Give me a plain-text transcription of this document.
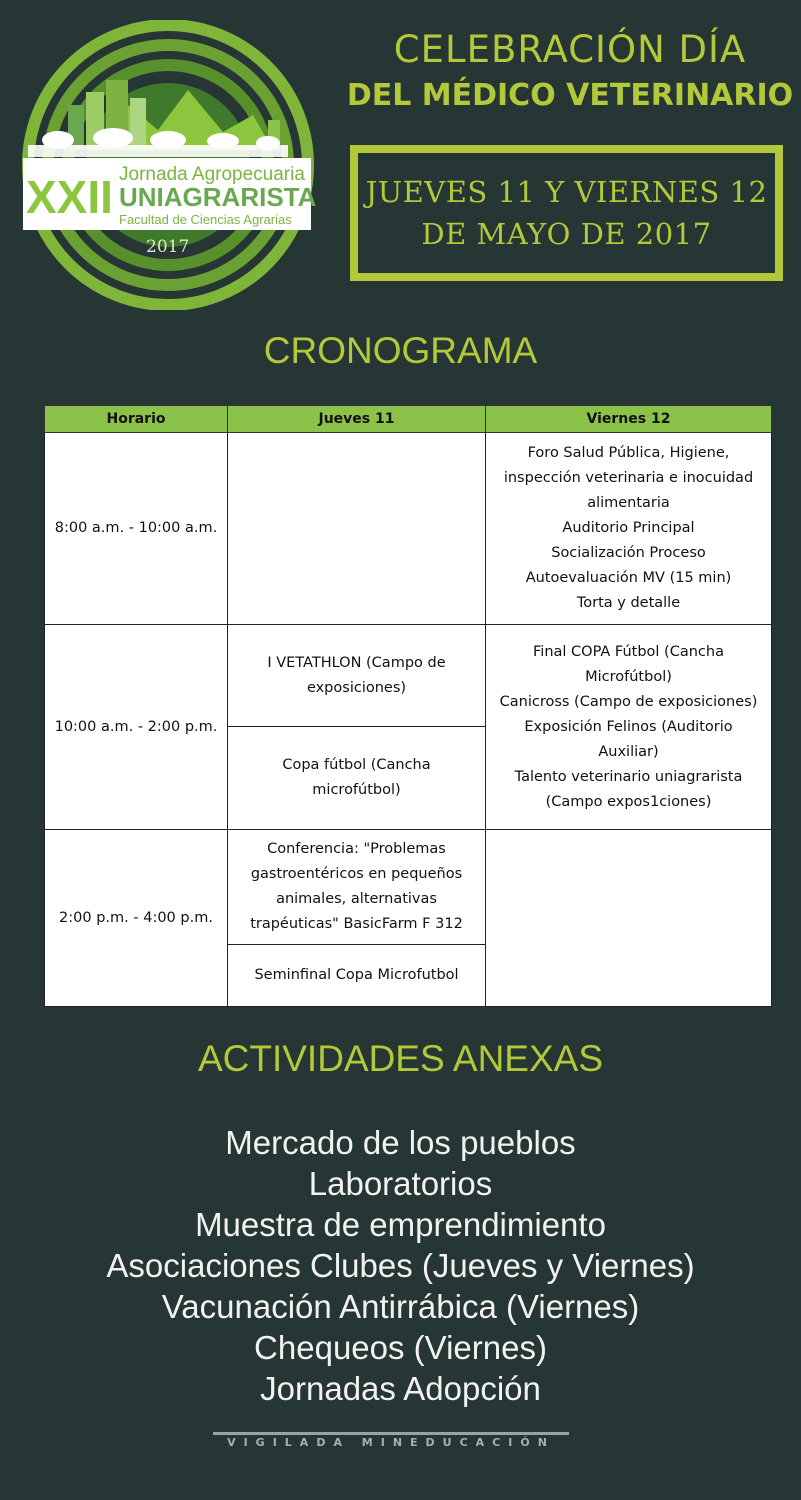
XXII Jornada Agropecuaria
UNIAGRARISTA
Facultad de Ciencias Agrarias
2017
CELEBRACIÓN DÍA
DEL MÉDICO VETERINARIO
JUEVES 11 Y VIERNES 12
DE MAYO DE 2017
CRONOGRAMA
Horario	Jueves 11	Viernes 12
8:00 a.m. - 10:00 a.m.		Foro Salud Pública, Higiene, inspección veterinaria e inocuidad alimentaria
Auditorio Principal
Socialización Proceso Autoevaluación MV (15 min)
Torta y detalle

10:00 a.m. - 2:00 p.m.	I VETATHLON (Campo de exposiciones)	Final COPA Fútbol (Cancha Microfútbol)
Canicross (Campo de exposiciones)
Exposición Felinos (Auditorio Auxiliar)
Talento veterinario uniagrarista (Campo expos1ciones)

	Copa fútbol (Cancha microfútbol)	
2:00 p.m. - 4:00 p.m.	Conferencia: "Problemas gastroentéricos en pequeños animales, alternativas trapéuticas" BasicFarm F 312	
	Seminfinal Copa Microfutbol	
ACTIVIDADES ANEXAS
Mercado de los pueblos
Laboratorios
Muestra de emprendimiento
Asociaciones Clubes (Jueves y Viernes)
Vacunación Antirrábica (Viernes)
Chequeos (Viernes)
Jornadas Adopción
VIGILADA MINEDUCACIÓN
